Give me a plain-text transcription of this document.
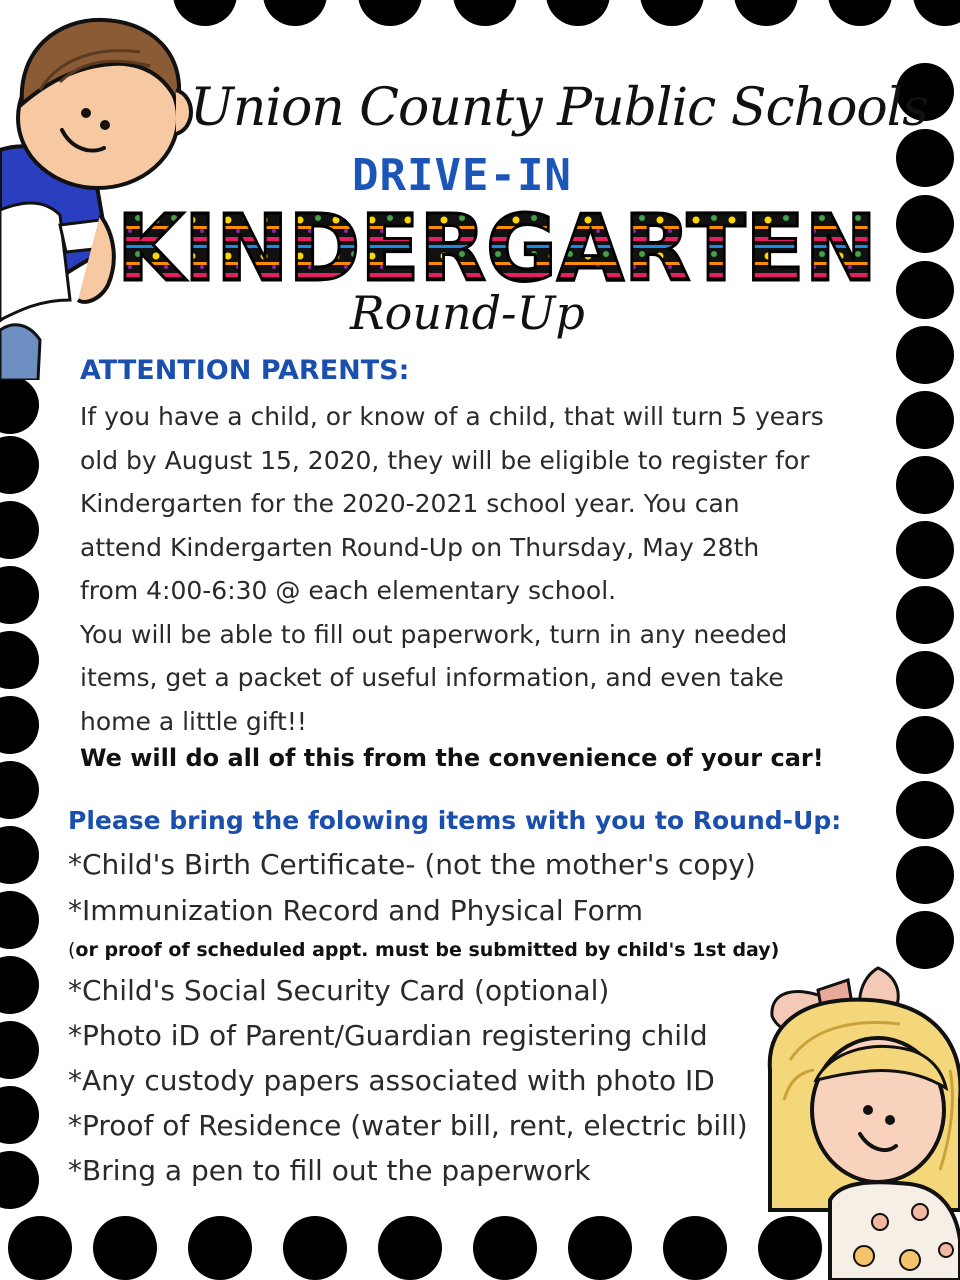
Union County Public Schools

DRIVE-IN

KINDERGARTEN

Round-Up

ATTENTION PARENTS:

If you have a child, or know of a child, that will turn 5 years
old by August 15, 2020, they will be eligible to register for
Kindergarten for the 2020-2021 school year. You can
attend Kindergarten Round-Up on Thursday, May 28th
from 4:00-6:30 @ each elementary school.
You will be able to fill out paperwork, turn in any needed
items, get a packet of useful information, and even take
home a little gift!!

We will do all of this from the convenience of your car!

Please bring the folowing items with you to Round-Up:

*Child's Birth Certificate- (not the mother's copy)

*Immunization Record and Physical Form

(or proof of scheduled appt. must be submitted by child's 1st day)

*Child's Social Security Card (optional)

*Photo iD of Parent/Guardian registering child

*Any custody papers associated with photo ID

*Proof of Residence (water bill, rent, electric bill)

*Bring a pen to fill out the paperwork
